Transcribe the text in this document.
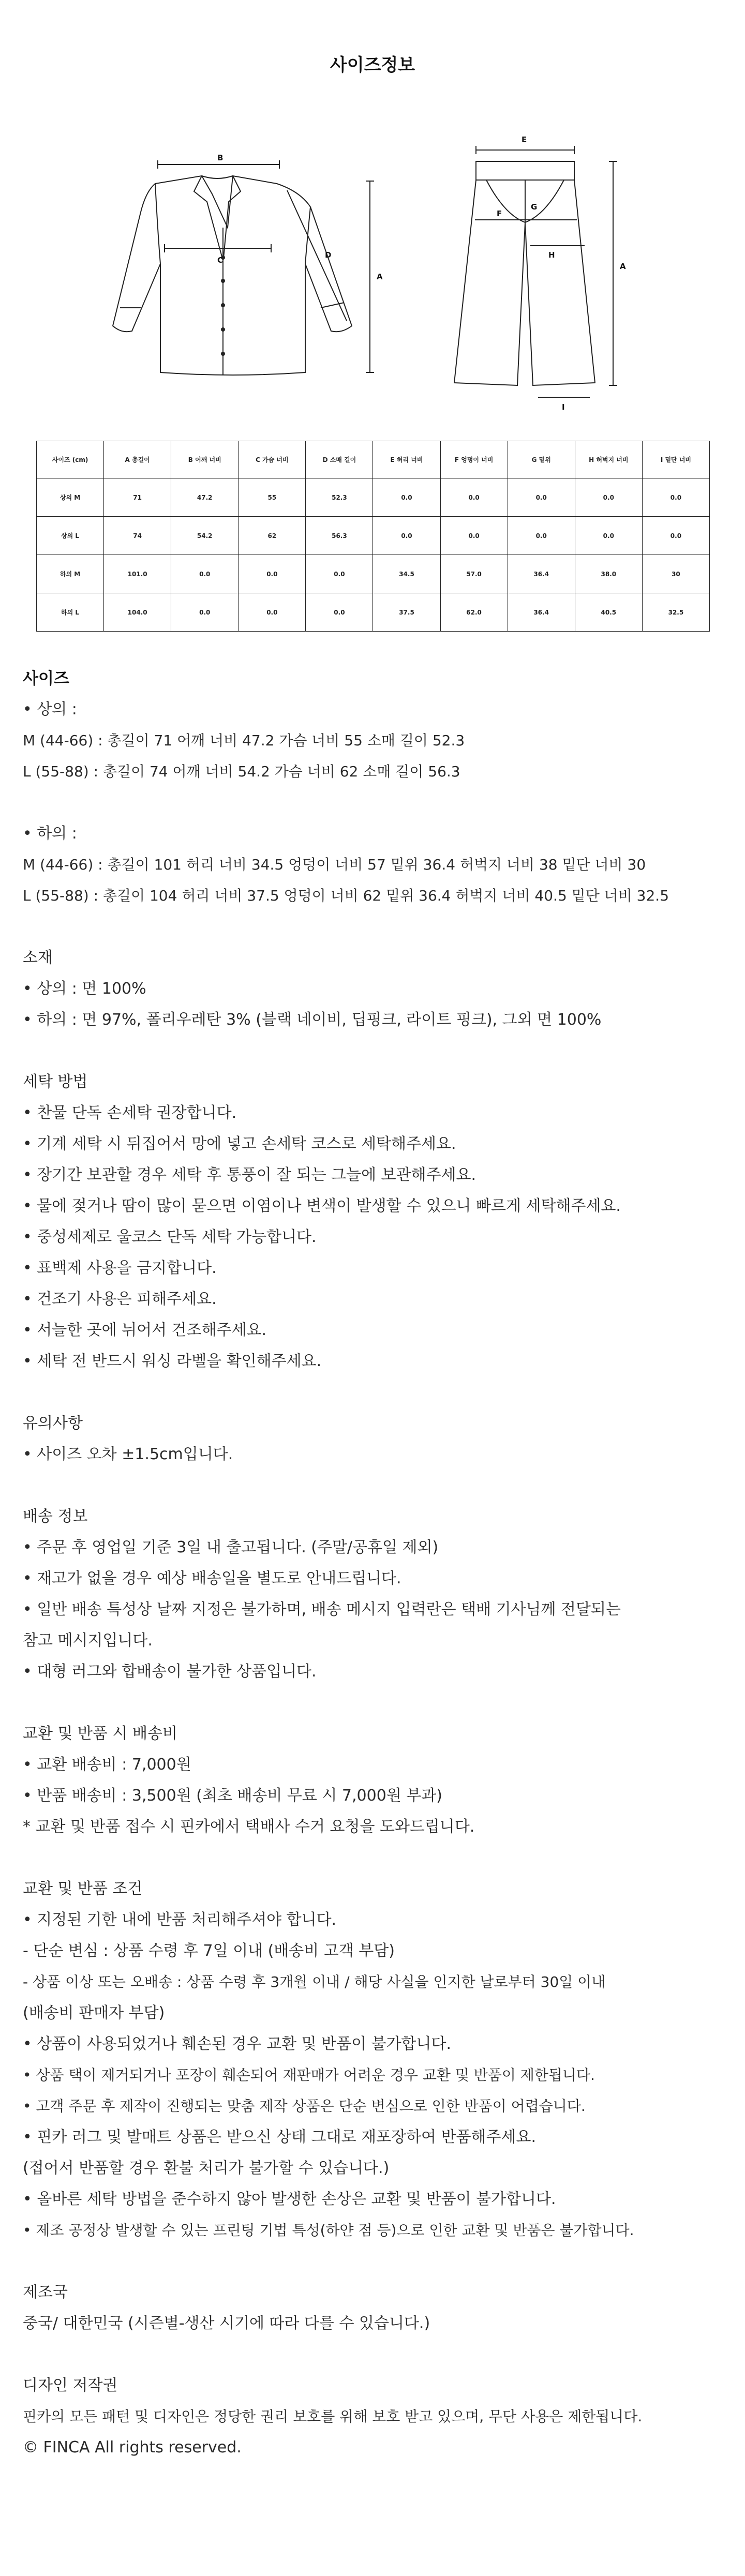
사이즈정보
B
C
D
A
E
F
G
H
A
I
사이즈 (cm)	A 총길이	B 어깨 너비	C 가슴 너비	D 소매 길이	E 허리 너비	F 엉덩이 너비	G 밑위	H 허벅지 너비	I 밑단 너비
상의 M	71	47.2	55	52.3	0.0	0.0	0.0	0.0	0.0
상의 L	74	54.2	62	56.3	0.0	0.0	0.0	0.0	0.0
하의 M	101.0	0.0	0.0	0.0	34.5	57.0	36.4	38.0	30
하의 L	104.0	0.0	0.0	0.0	37.5	62.0	36.4	40.5	32.5
사이즈
• 상의 :
M (44-66) : 총길이 71 어깨 너비 47.2 가슴 너비 55 소매 길이 52.3
L (55-88) : 총길이 74 어깨 너비 54.2 가슴 너비 62 소매 길이 56.3
• 하의 :
M (44-66) : 총길이 101 허리 너비 34.5 엉덩이 너비 57 밑위 36.4 허벅지 너비 38 밑단 너비 30
L (55-88) : 총길이 104 허리 너비 37.5 엉덩이 너비 62 밑위 36.4 허벅지 너비 40.5 밑단 너비 32.5
소재
• 상의 : 면 100%
• 하의 : 면 97%, 폴리우레탄 3% (블랙 네이비, 딥핑크, 라이트 핑크), 그외 면 100%
세탁 방법
• 찬물 단독 손세탁 권장합니다.
• 기계 세탁 시 뒤집어서 망에 넣고 손세탁 코스로 세탁해주세요.
• 장기간 보관할 경우 세탁 후 통풍이 잘 되는 그늘에 보관해주세요.
• 물에 젖거나 땀이 많이 묻으면 이염이나 변색이 발생할 수 있으니 빠르게 세탁해주세요.
• 중성세제로 울코스 단독 세탁 가능합니다.
• 표백제 사용을 금지합니다.
• 건조기 사용은 피해주세요.
• 서늘한 곳에 뉘어서 건조해주세요.
• 세탁 전 반드시 워싱 라벨을 확인해주세요.
유의사항
• 사이즈 오차 ±1.5cm입니다.
배송 정보
• 주문 후 영업일 기준 3일 내 출고됩니다. (주말/공휴일 제외)
• 재고가 없을 경우 예상 배송일을 별도로 안내드립니다.
• 일반 배송 특성상 날짜 지정은 불가하며, 배송 메시지 입력란은 택배 기사님께 전달되는
참고 메시지입니다.
• 대형 러그와 합배송이 불가한 상품입니다.
교환 및 반품 시 배송비
• 교환 배송비 : 7,000원
• 반품 배송비 : 3,500원 (최초 배송비 무료 시 7,000원 부과)
* 교환 및 반품 접수 시 핀카에서 택배사 수거 요청을 도와드립니다.
교환 및 반품 조건
• 지정된 기한 내에 반품 처리해주셔야 합니다.
- 단순 변심 : 상품 수령 후 7일 이내 (배송비 고객 부담)
- 상품 이상 또는 오배송 : 상품 수령 후 3개월 이내 / 해당 사실을 인지한 날로부터 30일 이내
(배송비 판매자 부담)
• 상품이 사용되었거나 훼손된 경우 교환 및 반품이 불가합니다.
• 상품 택이 제거되거나 포장이 훼손되어 재판매가 어려운 경우 교환 및 반품이 제한됩니다.
• 고객 주문 후 제작이 진행되는 맞춤 제작 상품은 단순 변심으로 인한 반품이 어렵습니다.
• 핀카 러그 및 발매트 상품은 받으신 상태 그대로 재포장하여 반품해주세요.
(접어서 반품할 경우 환불 처리가 불가할 수 있습니다.)
• 올바른 세탁 방법을 준수하지 않아 발생한 손상은 교환 및 반품이 불가합니다.
• 제조 공정상 발생할 수 있는 프린팅 기법 특성(하얀 점 등)으로 인한 교환 및 반품은 불가합니다.
제조국
중국/ 대한민국 (시즌별-생산 시기에 따라 다를 수 있습니다.)
디자인 저작권
핀카의 모든 패턴 및 디자인은 정당한 권리 보호를 위해 보호 받고 있으며, 무단 사용은 제한됩니다.
© FINCA All rights reserved.
